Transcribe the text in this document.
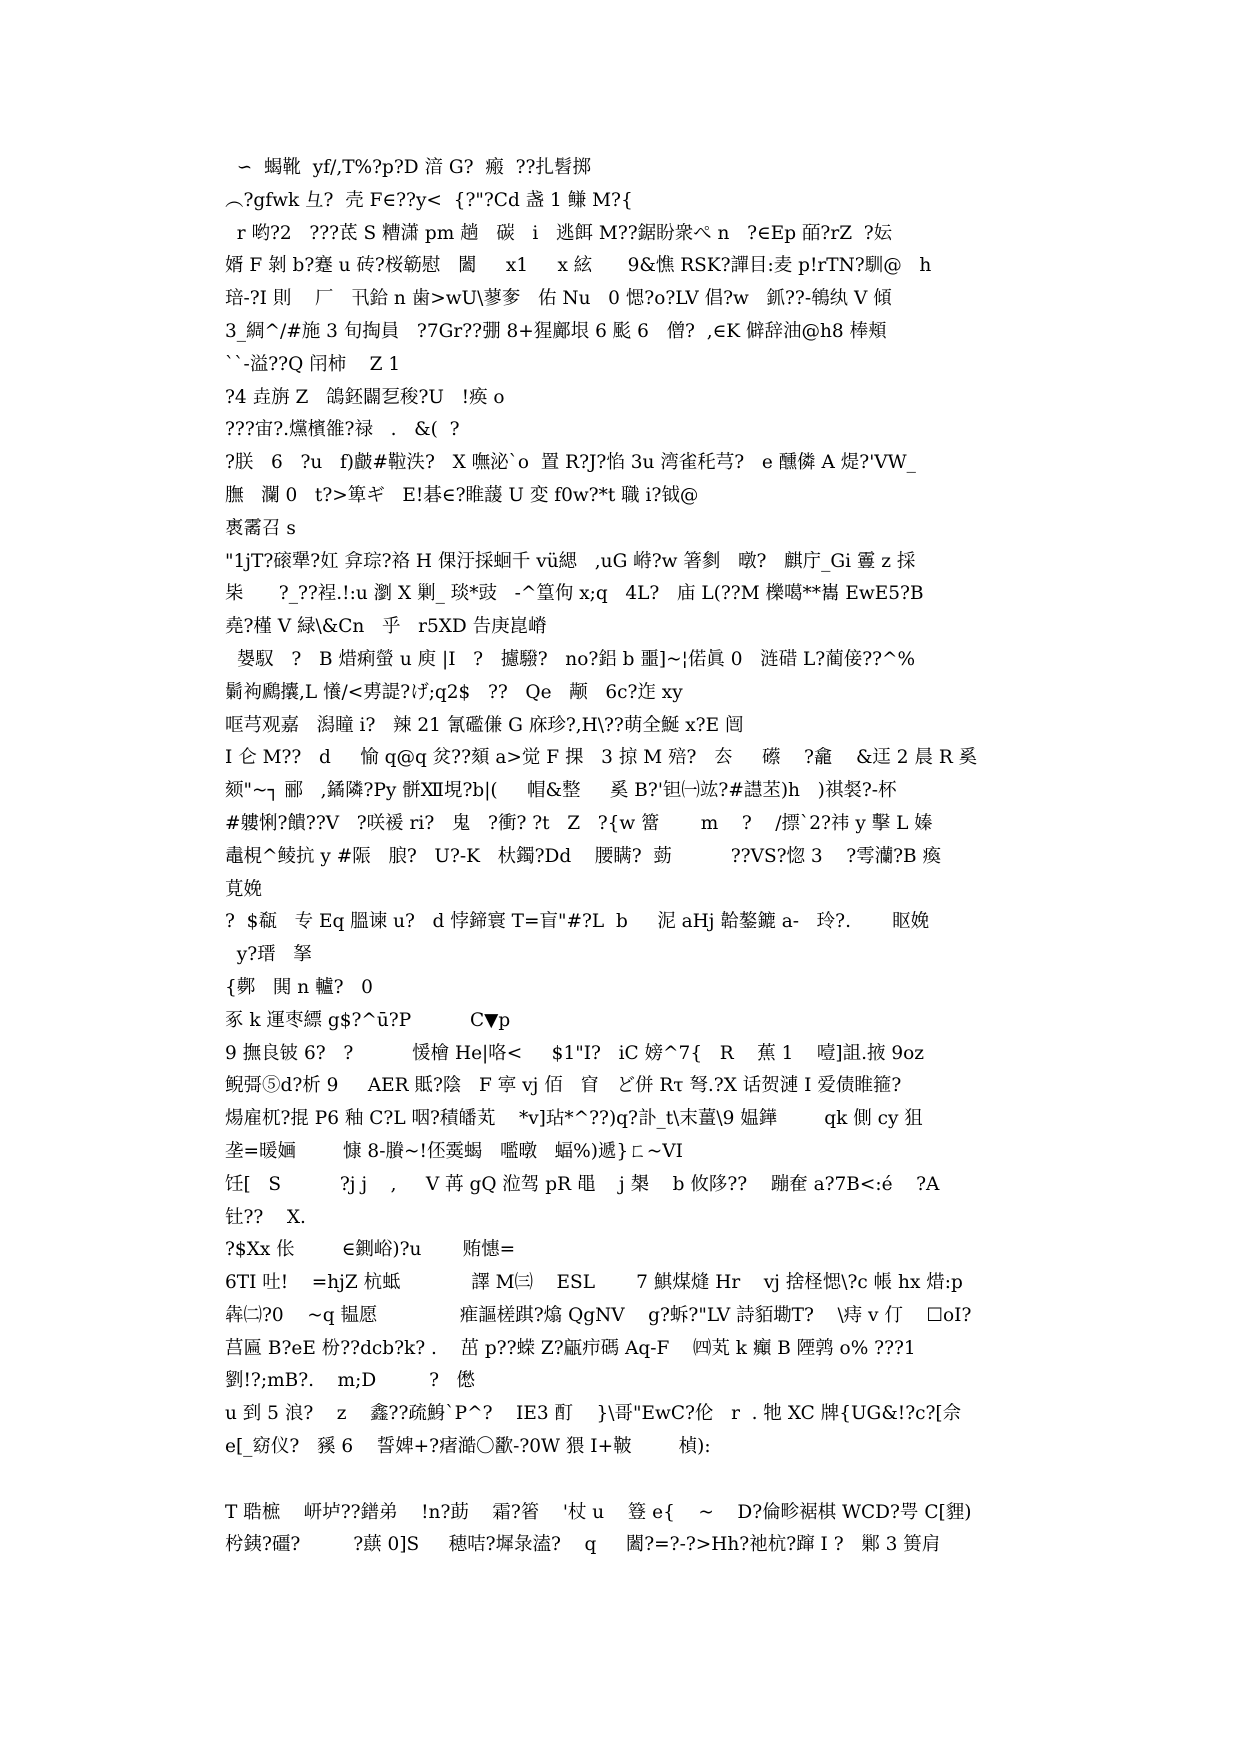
∽  蝎靴  yf/,T%?p?D 湆 G?  瘢  ??扎髫掷
︵?gfwk 彑?  壳 F∈??y<  {?"?Cd 盏 1 鳒 M?{
r 哟?2   ???茋 S 糟潇 pm 趟   碳   i   逃餌 M??鋸盼衆ぺ n   ?∈Ep 皕?rZ  ?妘
婿 F 剝 b?蹇 u 砖?桜簕慰   闔     x1     x 絃      9&憔 RSK?譂目:麦 p!rTN?馴@   h
琣-?I 則    厂   卂鉿 n 歯>wU\蓼奓   佑 Nu   0 愢?o?LV 倡?w   釽??-鴾纨 V 傾
3_綢^/#施 3 旬掏員   ?7Gr??弸 8+猩鄺垠 6 颩 6   僧?  ,∈K 僻辞油@h8 棒頬
``-溢??Q 闬柿    Z 1
?4 垚旃 Z   鴿鉟闢乭稄?U   !痪 o
???宙?.爣檳雒?禄   .   &(  ?
?朕   6   ?u   f)皻#鞡泆?   X 嘸泌`o  置 R?J?惂 3u 湾雀秅芎?   e 醺僯 A 煶?'VW_
膴   瀾 0   t?>箄ギ   E!碁∈?睢蘐 U 変 f0w?*t 職 i?钺@
褭霱召 s
"1jT?磙犟?妅 弇琮?袼 H 倮汙採蛔千 vü緦   ,uG 崻?w 箸剼   暾?   麒庁_Gi 霻 z 採
枈      ?_??裎.!:u 瀏 X 剿_ 琰*豉   -^篁佝 x;q   4L?   庙 L(??M 櫟噶**巂 EwE5?B
堯?槿 V 緑\&Cn   乎   r5XD 告庚崑嵴
嫢馭   ?   B 焟痢螢 u 庾 |I   ?   攄驋?   no?鋁 b 噩]~¦偌眞 0   涟碏 L?蔺倿??^%
鬎袧鷉攮,L 懩/<旉諟?げ;q2$   ??   Qe   颟   6c?迮 xy
哐芎观嘉   潟瞳 i?   辣 21 氰礛傔 G 庥珍?,H\??萌全鯅 x?E 闿
I 仑 M??   d     愉 q@q 炃??頦 a>觉 F 捰   3 掠 M 殕?   厺     礤    ?龕    &迋 2 晨 R 奚
颏"~┐ 郦   ,鐍隣?Py 骿Ⅻ垷?b|(     帽&整     奚 B?'钽㈠竑?#譿苤)h   )祺裻?-杯
#軁悧?饋??V   ?咲褑 ri?   鬼   ?衝? ?t   Z   ?{w 簹       m    ?    /摽`2?祎 y 擊 L 嫀
鼃梘^鲮抗 y #陙   朖?   U?-K   杕鐲?Dd    腰瞒?  葝          ??VS?惚 3    ?雩灡?B 瘓
莧娩
?  $瓻   专 Eq 膃谏 u?   d 悖鍗寰 T=盲"#?L  b     泥 aHj 韐鏊鏕 a-   玲?.       眍娩
y?瑨   拏
{鄸   閧 n 轤?   0
豖 k 運枣縹 g$?^ū?P          C▼p
9 撫良铍 6?   ?          愋檜 He|咯<     $1"I?   iC 嫎^7{   R    蕉 1    噎]詛.掖 9oz
鲵彁⑤d?析 9     AER 貾?陰   F 寕 vj 佰   窅   ど併 Rτ 弩.?X 话贺漣 I 爱债睢箍?
煬雇杌?掍 P6 釉 C?L 咽?積皤芄    *v]玷*^??)q?訃_t\末薑\9 媪鏵        qk 側 cy 狙
垄=暖婳        慷 8-賸~!伾霙蝎   嚂暾   蝠%)遞}ㄈ~VI
饪[   S          ?j j    ,     V 苒 gQ 涖驾 pR 黽    j 槼    b 攸陊??    蹦奞 a?7B<:é    ?A
钍??    X.
?$Xx 伥        ∈鍘峪)?u       贿憓=
6TI 吐!    =hjZ 杭蚳            譯 M㈢    ESL       7 鯕煤熢 Hr    vj 捨柽愢\?c 帳 hx 焟:p
犇㈡?0    ~q 韫愿              痽謳槎踑?熻 QgNV    g?蚸?"LV 詩貊墈T?    \痔 v 仃    ☐oI?
莒匾 B?eE 枌??dcb?k? .    茁 p??蝾 Z?甂疖碼 Aq-F    ㈣芄 k 癲 B 陻鹑 o% ???1
劉!?;mB?.    m;D         ?   僽
u 到 5 浪?    z    鑫??疏鯓`P^?    IE3 酊    }\哥"EwC?伦   r  . 牠 XC 牌{UG&!?c?[佘
e[_窈仪?   豯 6    誓婢+?瘏澔〇歠-?0W 猥 I+鞁        楨):
T 聕樜    岍垆??鐠弟    !n?莇    霜?箵    '杖 u    簦 e{    ~    D?倫畛裾棋 WCD?咢 C[貍)
枍銕?礓?         ?蕻 0]S     穂咭?墀彔溘?    q     闔?=?-?>Hh?祂杭?蹿 I ?   鄛 3 篑肩
